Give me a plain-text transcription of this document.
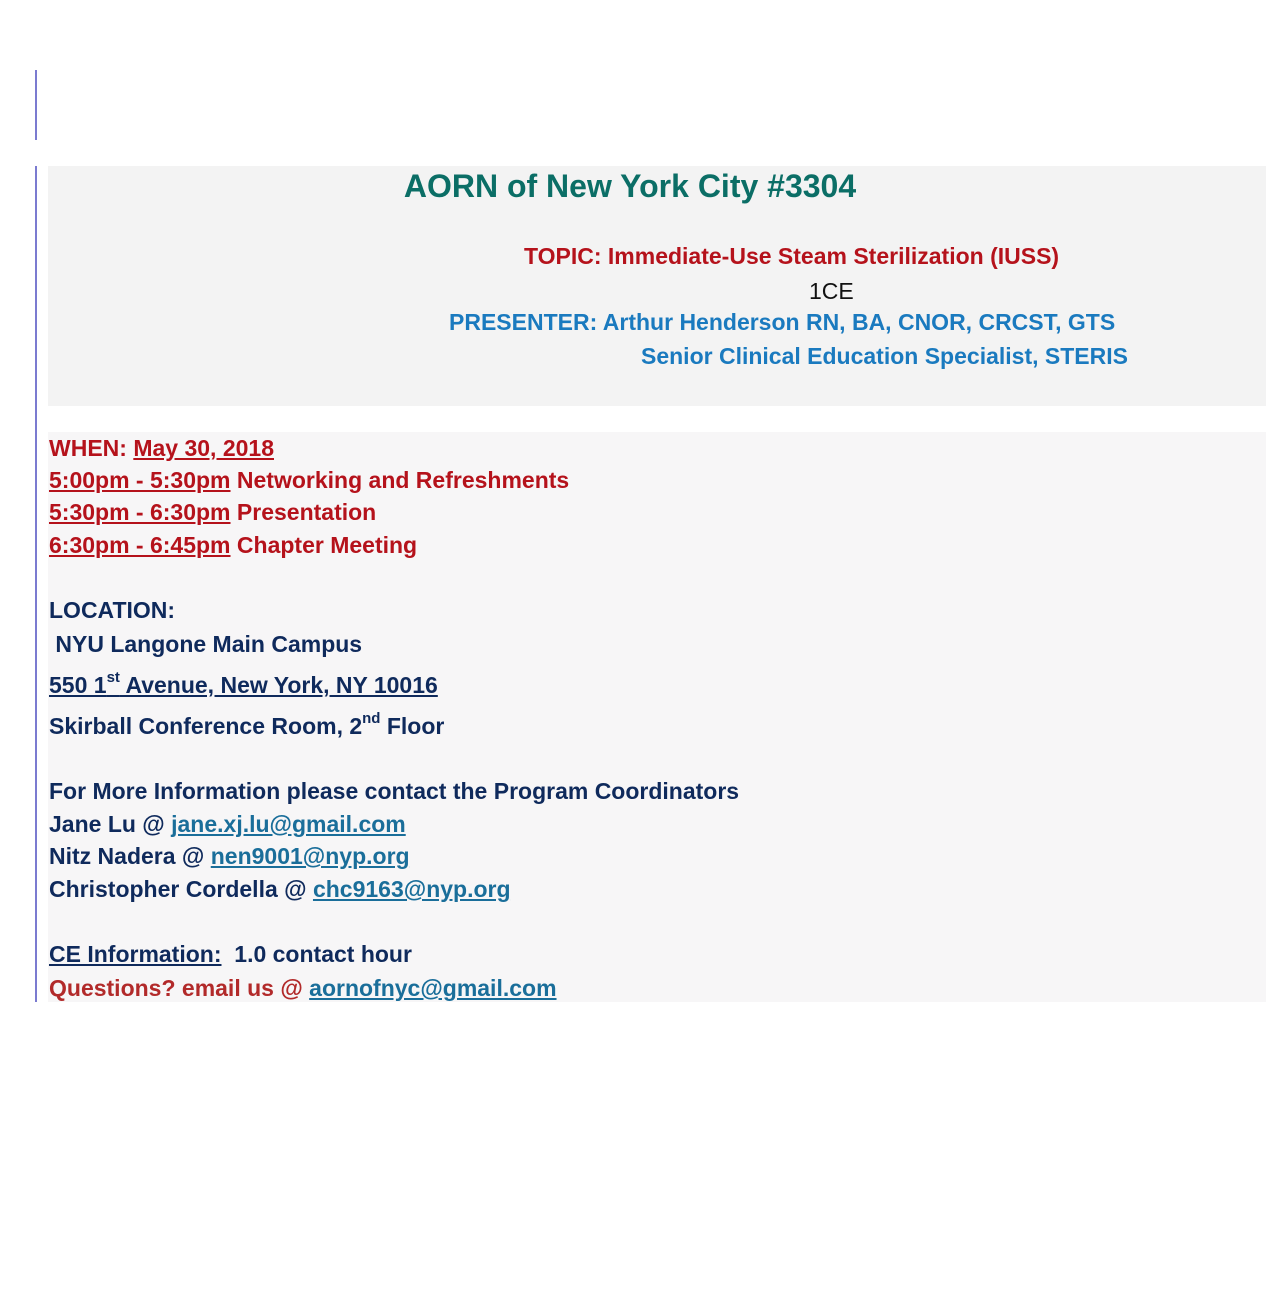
AORN of New York City #3304
TOPIC: Immediate-Use Steam Sterilization (IUSS)
1CE
PRESENTER: Arthur Henderson RN, BA, CNOR, CRCST, GTS
Senior Clinical Education Specialist, STERIS
WHEN: May 30, 2018
5:00pm - 5:30pm Networking and Refreshments
5:30pm - 6:30pm Presentation
6:30pm - 6:45pm Chapter Meeting
LOCATION:
NYU Langone Main Campus
550 1st Avenue, New York, NY 10016
Skirball Conference Room, 2nd Floor
For More Information please contact the Program Coordinators
Jane Lu @ jane.xj.lu@gmail.com
Nitz Nadera @ nen9001@nyp.org
Christopher Cordella @ chc9163@nyp.org
CE Information:  1.0 contact hour
Questions? email us @ aornofnyc@gmail.com
